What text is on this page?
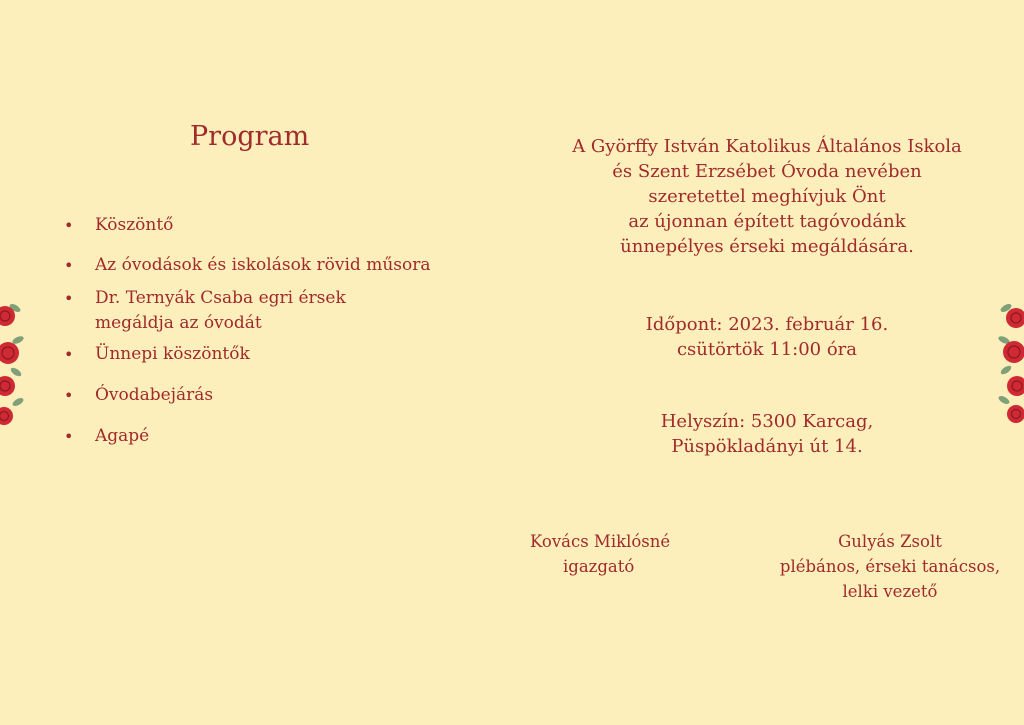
Program
• Köszöntő
• Az óvodások és iskolások rövid műsora
• Dr. Ternyák Csaba egri érsek
megáldja az óvodát
• Ünnepi köszöntők
• Óvodabejárás
• Agapé
A Györffy István Katolikus Általános Iskola
és Szent Erzsébet Óvoda nevében
szeretettel meghívjuk Önt
az újonnan épített tagóvodánk
ünnepélyes érseki megáldására.
Időpont: 2023. február 16.
csütörtök 11:00 óra
Helyszín: 5300 Karcag,
Püspökladányi út 14.
Kovács Miklósné
igazgató
Gulyás Zsolt
plébános, érseki tanácsos,
lelki vezető
